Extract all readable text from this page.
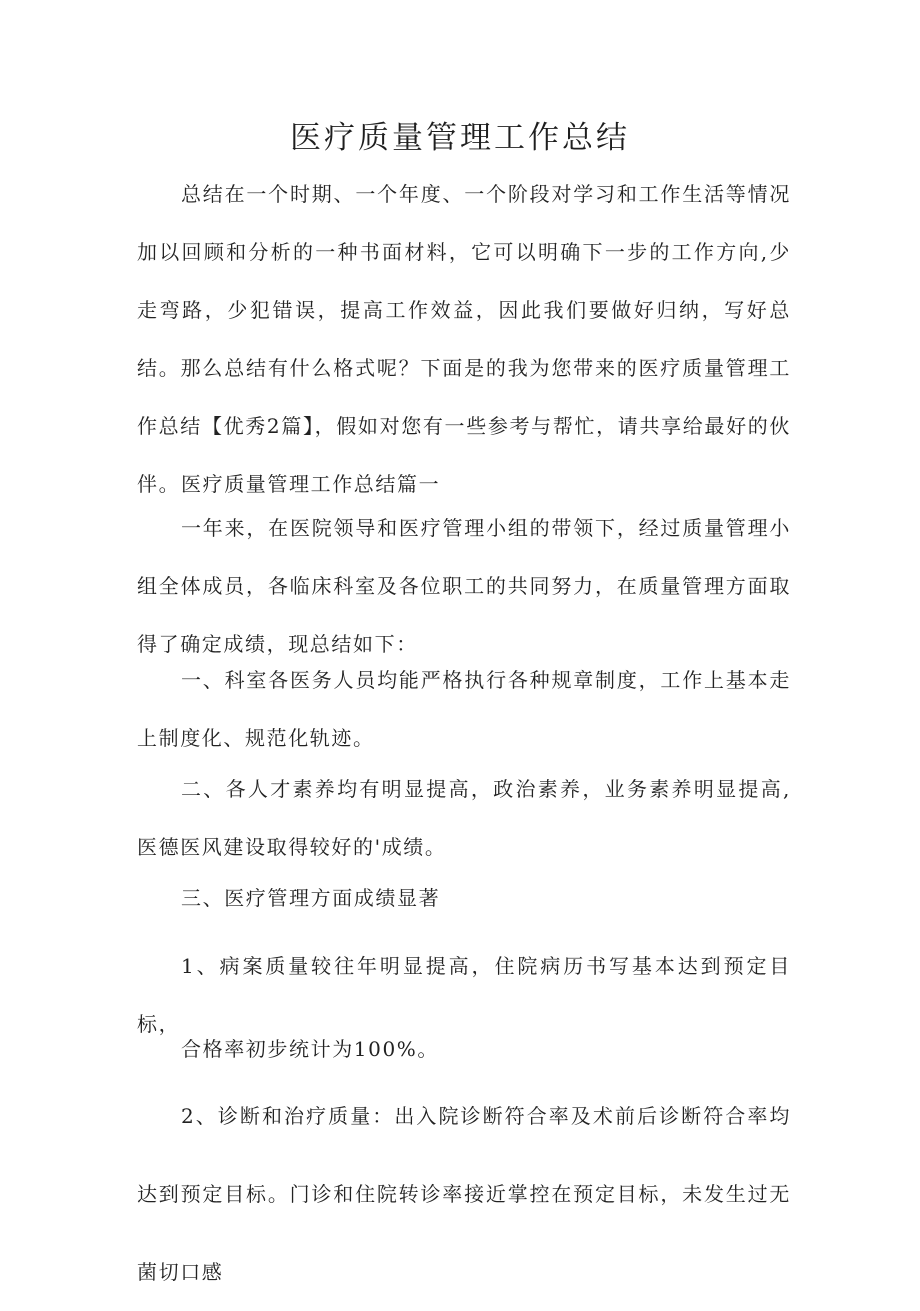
医疗质量管理工作总结

总结在一个时期、一个年度、一个阶段对学习和工作生活等情况加以回顾和分析的一种书面材料，它可以明确下一步的工作方向,少走弯路，少犯错误，提高工作效益，因此我们要做好归纳，写好总结。那么总结有什么格式呢？下面是的我为您带来的医疗质量管理工作总结【优秀2篇】，假如对您有一些参考与帮忙，请共享给最好的伙伴。 医疗质量管理工作总结篇一

一年来，在医院领导和医疗管理小组的带领下，经过质量管理小组全体成员，各临床科室及各位职工的共同努力，在质量管理方面取得了确定成绩，现总结如下：

一、科室各医务人员均能严格执行各种规章制度，工作上基本走上制度化、规范化轨迹。

二、各人才素养均有明显提高，政治素养，业务素养明显提高,医德医风建设取得较好的'成绩。

三、医疗管理方面成绩显著

1、病案质量较往年明显提高，住院病历书写基本达到预定目标，

合格率初步统计为100%。

2、诊断和治疗质量：出入院诊断符合率及术前后诊断符合率均达到预定目标。门诊和住院转诊率接近掌控在预定目标，未发生过无菌切口感
